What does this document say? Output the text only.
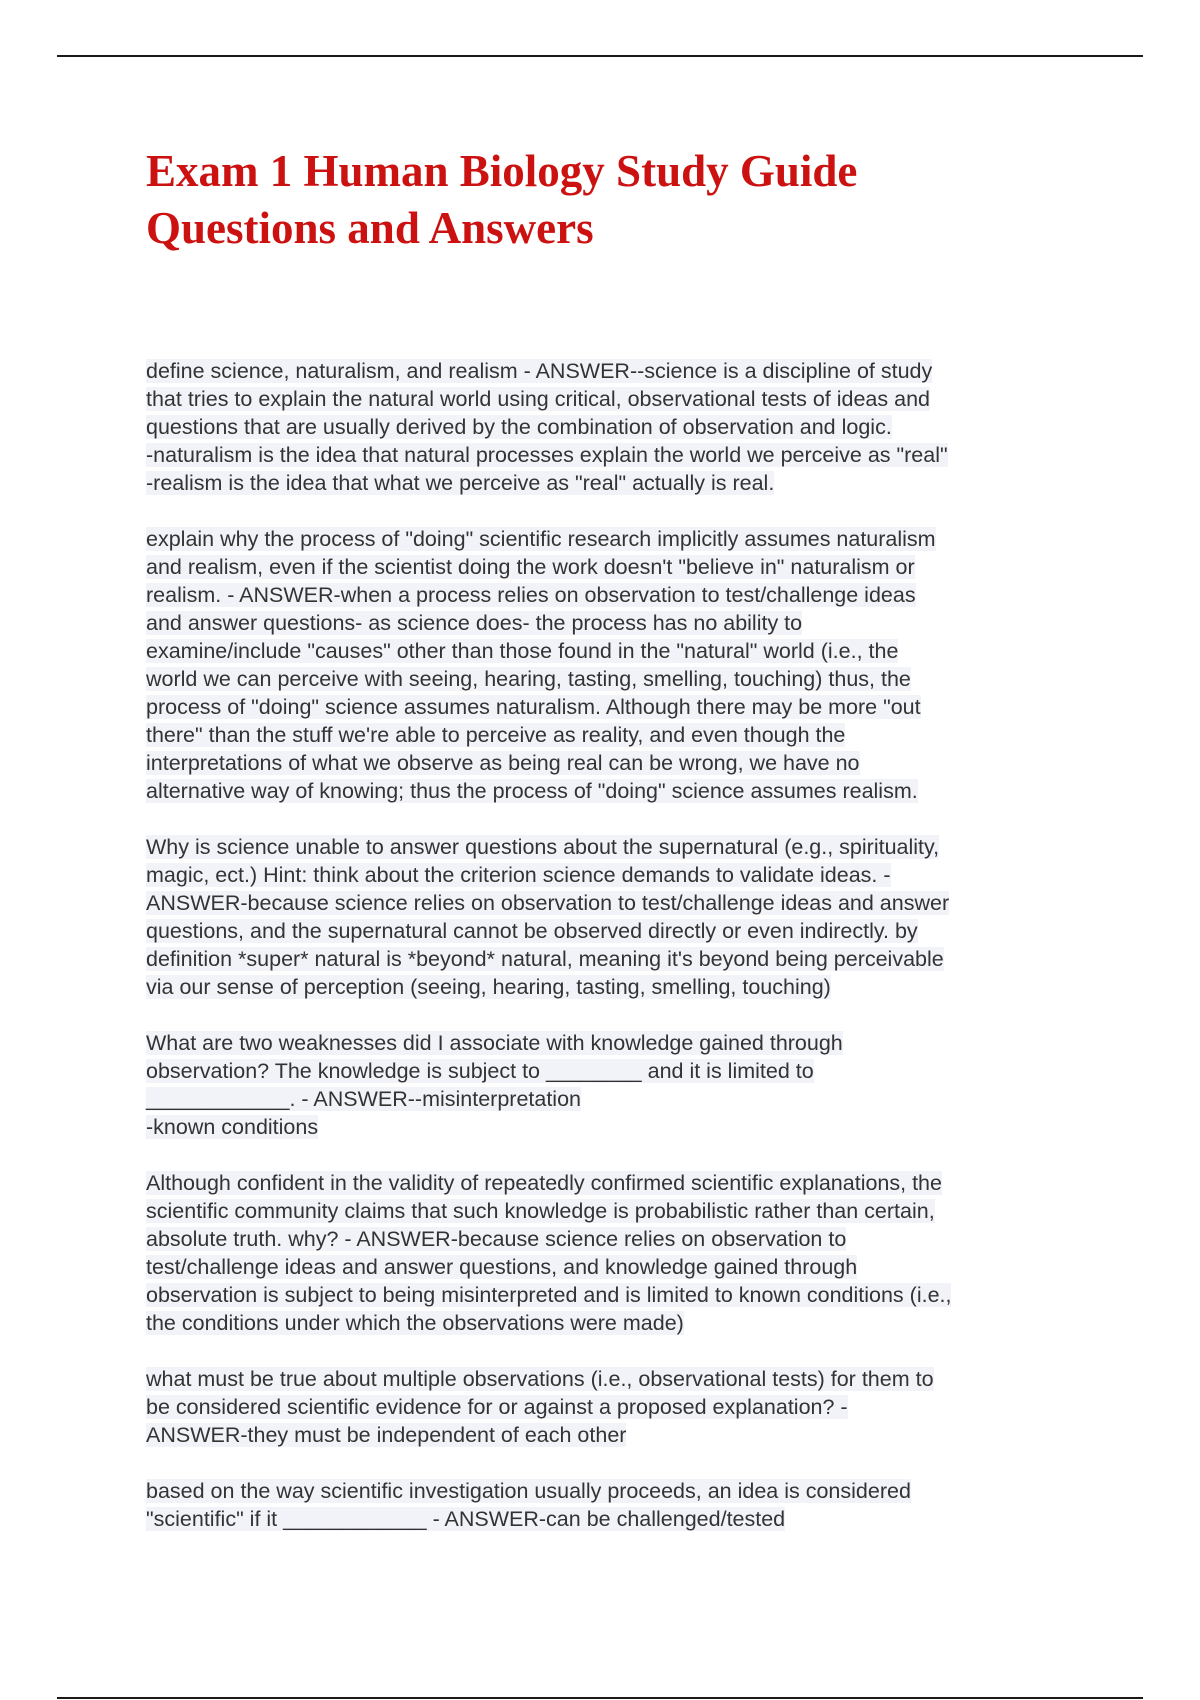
Exam 1 Human Biology Study Guide
Questions and Answers

define science, naturalism, and realism - ANSWER--science is a discipline of study
that tries to explain the natural world using critical, observational tests of ideas and
questions that are usually derived by the combination of observation and logic.
-naturalism is the idea that natural processes explain the world we perceive as "real"
-realism is the idea that what we perceive as "real" actually is real.

explain why the process of "doing" scientific research implicitly assumes naturalism
and realism, even if the scientist doing the work doesn't "believe in" naturalism or
realism. - ANSWER-when a process relies on observation to test/challenge ideas
and answer questions- as science does- the process has no ability to
examine/include "causes" other than those found in the "natural" world (i.e., the
world we can perceive with seeing, hearing, tasting, smelling, touching) thus, the
process of "doing" science assumes naturalism. Although there may be more "out
there" than the stuff we're able to perceive as reality, and even though the
interpretations of what we observe as being real can be wrong, we have no
alternative way of knowing; thus the process of "doing" science assumes realism.

Why is science unable to answer questions about the supernatural (e.g., spirituality,
magic, ect.) Hint: think about the criterion science demands to validate ideas. -
ANSWER-because science relies on observation to test/challenge ideas and answer
questions, and the supernatural cannot be observed directly or even indirectly. by
definition *super* natural is *beyond* natural, meaning it's beyond being perceivable
via our sense of perception (seeing, hearing, tasting, smelling, touching)

What are two weaknesses did I associate with knowledge gained through
observation? The knowledge is subject to ________ and it is limited to
____________. - ANSWER--misinterpretation
-known conditions

Although confident in the validity of repeatedly confirmed scientific explanations, the
scientific community claims that such knowledge is probabilistic rather than certain,
absolute truth. why? - ANSWER-because science relies on observation to
test/challenge ideas and answer questions, and knowledge gained through
observation is subject to being misinterpreted and is limited to known conditions (i.e.,
the conditions under which the observations were made)

what must be true about multiple observations (i.e., observational tests) for them to
be considered scientific evidence for or against a proposed explanation? -
ANSWER-they must be independent of each other

based on the way scientific investigation usually proceeds, an idea is considered
"scientific" if it ____________ - ANSWER-can be challenged/tested
